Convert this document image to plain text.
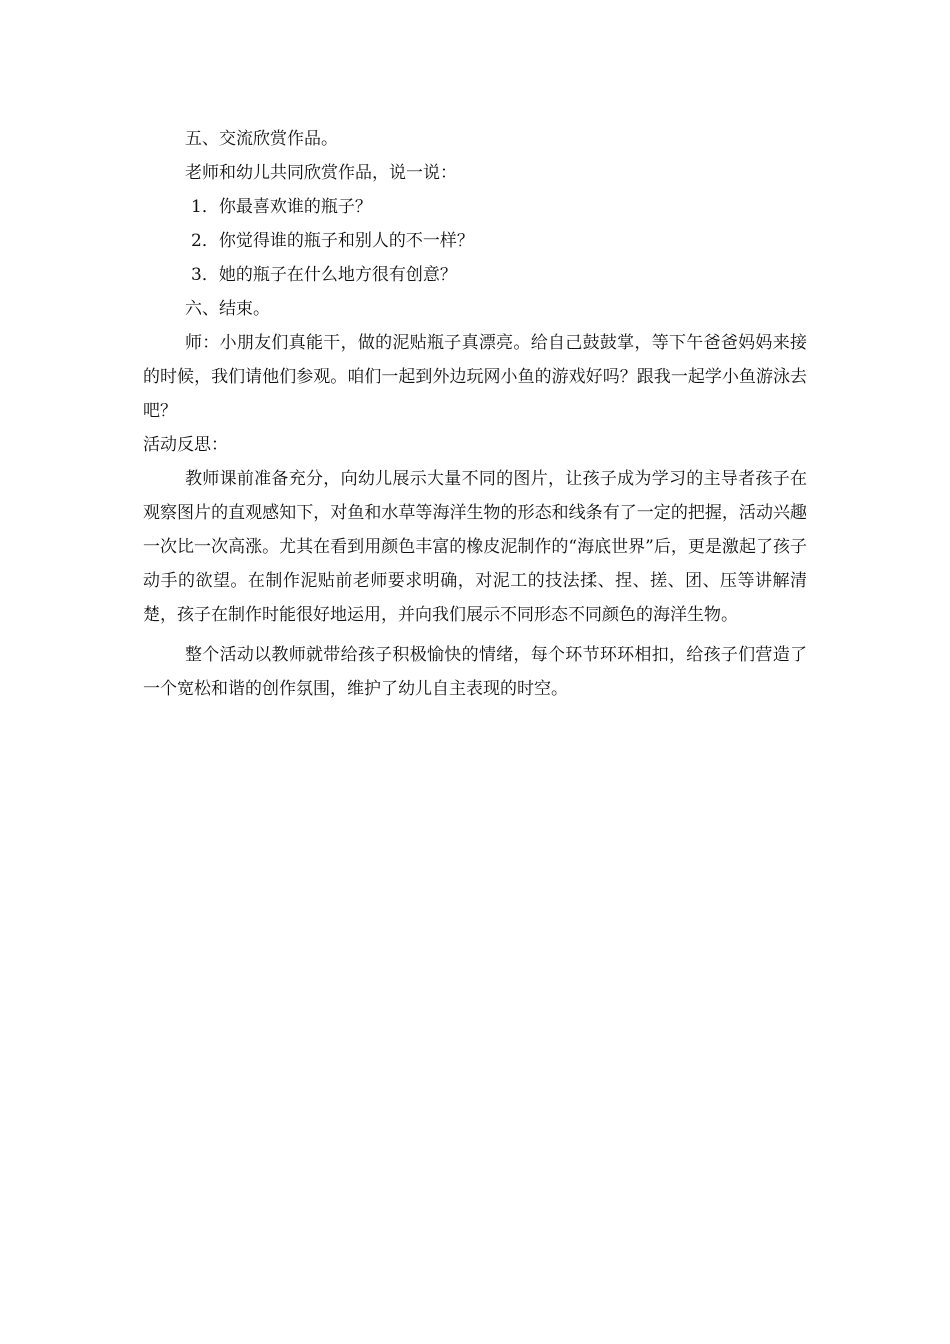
五、交流欣赏作品。
老师和幼儿共同欣赏作品，说一说：
1．你最喜欢谁的瓶子？
2．你觉得谁的瓶子和别人的不一样？
3．她的瓶子在什么地方很有创意？
六、结束。

师：小朋友们真能干，做的泥贴瓶子真漂亮。给自己鼓鼓掌，等下午爸爸妈妈来接的时候，我们请他们参观。咱们一起到外边玩网小鱼的游戏好吗？跟我一起学小鱼游泳去吧？

活动反思：

教师课前准备充分，向幼儿展示大量不同的图片，让孩子成为学习的主导者孩子在观察图片的直观感知下，对鱼和水草等海洋生物的形态和线条有了一定的把握，活动兴趣一次比一次高涨。尤其在看到用颜色丰富的橡皮泥制作的“海底世界”后，更是激起了孩子动手的欲望。在制作泥贴前老师要求明确，对泥工的技法揉、捏、搓、团、压等讲解清楚，孩子在制作时能很好地运用，并向我们展示不同形态不同颜色的海洋生物。

整个活动以教师就带给孩子积极愉快的情绪，每个环节环环相扣，给孩子们营造了一个宽松和谐的创作氛围，维护了幼儿自主表现的时空。
